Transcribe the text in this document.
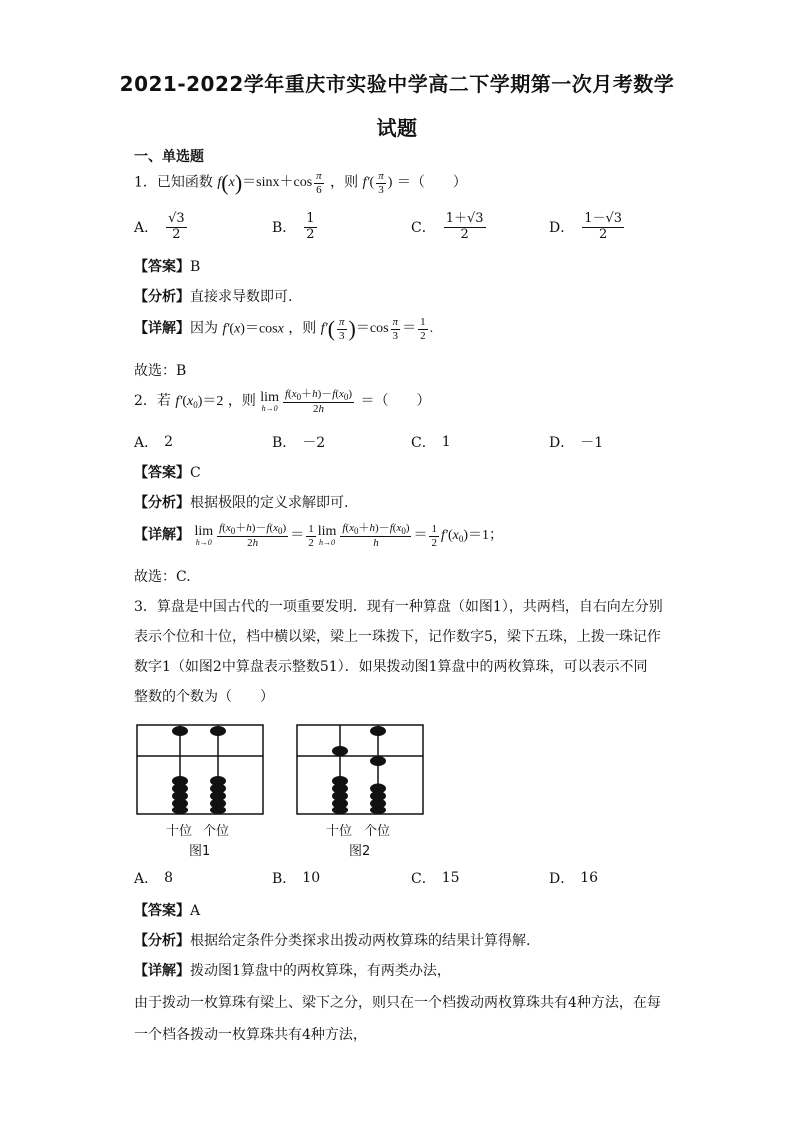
2021-2022学年重庆市实验中学高二下学期第一次月考数学
试题
一、单选题
1．已知函数 $f(x)=\sin x+\cos \frac{\pi}{6}$ ，则 $f'( \frac{\pi}{3}$ ) ＝（　　）
A． $\frac{√3}{2}$	B． $\frac{1}{2}$	C． $\frac{1+√3}{2}$	D． $\frac{1-√3}{2}$
【答案】B
【分析】直接求导数即可.
【详解】因为 f′(x)＝cosx ，则 $f'( \frac{\pi}{3} )=\cos \frac{\pi}{3} = \frac{1}{2}$ .
故选：B
2．若 $f'(x_0)=2$ ，则 lim
$h\to 0 \frac{f(x_0+h)-f(x_0)}{2h}$ ＝（　　）
A． 2	B． －2	C． 1	D． －1
【答案】C
【分析】根据极限的定义求解即可.
【详解】 lim
$h\to 0 \frac{f(x_0+h)-f(x_0)}{2h} = \frac{1}{2}$ lim
$h\to 0 \frac{f(x_0+h)-f(x_0)}{h} = \frac{1}{2} f'(x_0)=1$；
故选：C.
3．算盘是中国古代的一项重要发明．现有一种算盘（如图1），共两档，自右向左分别
表示个位和十位，档中横以梁，梁上一珠拨下，记作数字5，梁下五珠，上拨一珠记作
数字1（如图2中算盘表示整数51）．如果拨动图1算盘中的两枚算珠，可以表示不同
整数的个数为（　　）
十位 个位
图1
十位 个位
图2
A． 8	B． 10	C． 15	D． 16
【答案】A
【分析】根据给定条件分类探求出拨动两枚算珠的结果计算得解.
【详解】拨动图1算盘中的两枚算珠，有两类办法，
由于拨动一枚算珠有梁上、梁下之分，则只在一个档拨动两枚算珠共有4种方法，在每
一个档各拨动一枚算珠共有4种方法，
